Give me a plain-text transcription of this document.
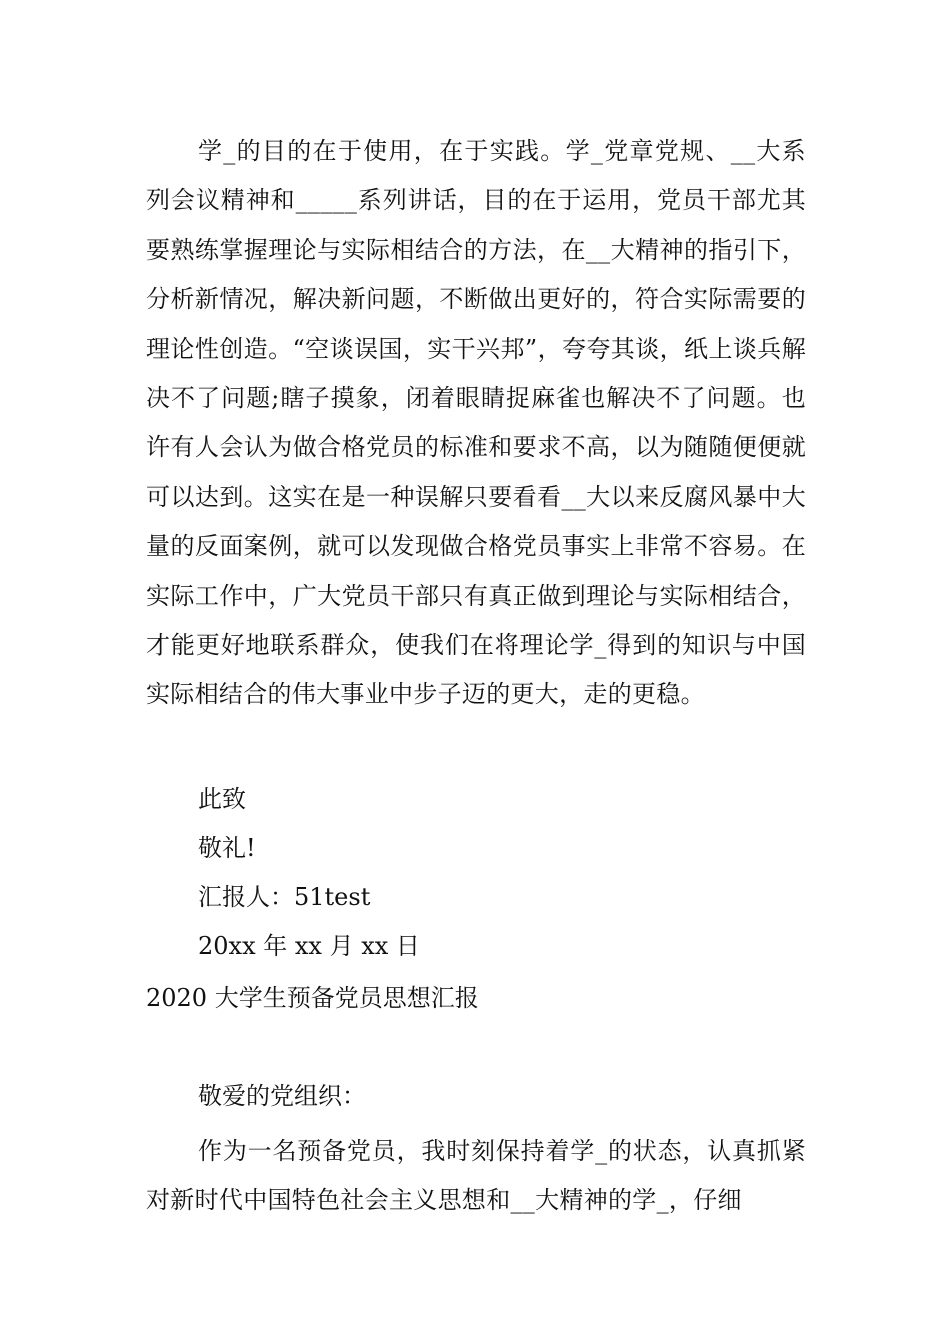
学_的目的在于使用，在于实践。学_党章党规、__大系列会议精神和_____系列讲话，目的在于运用，党员干部尤其要熟练掌握理论与实际相结合的方法，在__大精神的指引下，分析新情况，解决新问题，不断做出更好的，符合实际需要的理论性创造。“空谈误国，实干兴邦”，夸夸其谈，纸上谈兵解决不了问题;瞎子摸象，闭着眼睛捉麻雀也解决不了问题。也许有人会认为做合格党员的标准和要求不高，以为随随便便就可以达到。这实在是一种误解只要看看__大以来反腐风暴中大量的反面案例，就可以发现做合格党员事实上非常不容易。在实际工作中，广大党员干部只有真正做到理论与实际相结合，才能更好地联系群众，使我们在将理论学_得到的知识与中国实际相结合的伟大事业中步子迈的更大，走的更稳。

此致

敬礼!

汇报人：51test

20xx 年 xx 月 xx 日

2020 大学生预备党员思想汇报

敬爱的党组织：

作为一名预备党员，我时刻保持着学_的状态，认真抓紧对新时代中国特色社会主义思想和__大精神的学_，仔细
